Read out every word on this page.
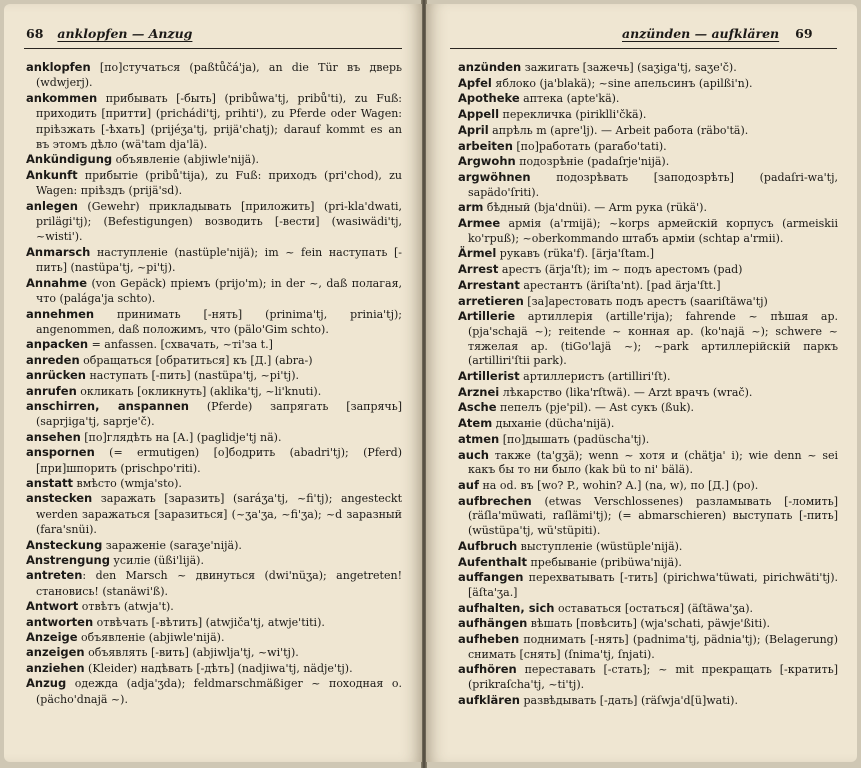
68 anklopfen — Anzug

anklopfen [по]стучаться (paßtůčá'ja), an die Tür въ дверь (wdwjerj).

ankommen прибывать [-быть] (pribůwa'tj, pribů'ti), zu Fuß: приходить [притти] (prichádi'tj, prihti'), zu Pferde oder Wagen: пріѣзжать [-ѣхать] (prijéʒa'tj, prijä'chatj); darauf kommt es an въ этомъ дѣло (wä'tam dja'lä).

Ankündigung объявленіе (abjiwle'nijä).

Ankunft прибытіе (pribů'tija), zu Fuß: приходъ (pri'chod), zu Wagen: пріѣздъ (prijä'sd).

anlegen (Gewehr) прикладывать [приложить] (pri-kla'dwati, prilägi'tj); (Befestigungen) возводить [-вести] (wasiwädi'tj, ~wisti').

Anmarsch наступленіе (nastüple'nijä); im ~ fein наступать [-пить] (nastüpa'tj, ~pi'tj).

Annahme (von Gepäck) пріемъ (prijo'm); in der ~, daß полагая, что (palága'ja schto).

annehmen принимать [-нять] (prinima'tj, prinia'tj); angenommen, daß положимъ, что (pälo'Gim schto).

anpacken = anfassen. [схвачать, ~ті'за t.]

anreden обращаться [обратиться] къ [Д.] (abra-)

anrücken наступать [-пить] (nastüpa'tj, ~pi'tj).

anrufen окликать [окликнуть] (aklika'tj, ~li'knuti).

anschirren, anspannen (Pferde) запрягать [запрячь] (saprjiga'tj, saprje'č).

ansehen [по]глядѣть на [А.] (paglidje'tj nä).

anspornen (= ermutigen) [о]бодрить (abadri'tj); (Pferd) [при]шпорить (prischpo'riti).

anstatt вмѣсто (wmja'sto).

anstecken заражать [заразить] (saráʒa'tj, ~fi'tj); angesteckt werden заражаться [заразиться] (~ʒa'ʒa, ~fi'ʒa); ~d заразный (fara'snüi).

Ansteckung зараженіе (saraʒe'nijä).

Anstrengung усиліе (üßi'lijä).

antreten: den Marsch ~ двинуться (dwi'nüʒa); angetreten! становись! (stanäwi'ß).

Antwort отвѣтъ (atwja't).

antworten отвѣчать [-вѣтить] (atwjiča'tj, atwje'titi).

Anzeige объявленіе (abjiwle'nijä).

anzeigen объявлять [-вить] (abjiwlja'tj, ~wi'tj).

anziehen (Kleider) надѣвать [-дѣть] (nadjiwa'tj, nädje'tj).

Anzug одежда (adja'ʒda); feldmarschmäßiger ~ походная о. (pächo'dnajä ~).

anzünden — aufklären 69

anzünden зажигать [зажечь] (saʒiga'tj, saʒe'č).

Apfel яблоко (ja'blakä); ~sine апельсинъ (apilßi'n).

Apotheke аптека (apte'kä).

Appell перекличка (piriklli'čkä).

April апрѣль m (apre'lj). — Arbeit работа (räbo'tä).

arbeiten [по]работать (paraбo'tati).

Argwohn подозрѣніе (padaſrje'nijä).

argwöhnen подозрѣвать [заподозрѣть] (padaſri-wa'tj, sapädo'ſriti).

arm бѣдный (bja'dnüi). — Arm рука (rükä').

Armee армія (a'rmijä); ~korps армейскій корпусъ (armeiskii ko'rpuß); ~oberkommando штабъ арміи (schtap a'rmii).

Ärmel рукавъ (rüka'f). [ärja'ſtam.]

Arrest арестъ (ärja'ſt); im ~ подъ арестомъ (pad)

Arrestant арестантъ (äriſta'nt). [pad ärja'ſtt.]

arretieren [за]арестовать подъ арестъ (saariſtäwa'tj)

Artillerie артиллерія (artille'rija); fahrende ~ пѣшая ар. (pja'schajä ~); reitende ~ конная ар. (ko'najä ~); schwere ~ тяжелая ар. (tiGo'lajä ~); ~park артиллерійскій паркъ (artilliri'ſtii park).

Artillerist артиллеристъ (artilliri'ſt).

Arznei лѣкарство (lika'rſtwä). — Arzt врачъ (wrač).

Asche пепелъ (pje'pil). — Ast сукъ (ßuk).

Atem дыханіе (dücha'nijä).

atmen [по]дышать (padüscha'tj).

auch также (ta'gʒä); wenn ~ хотя и (chätja' i); wie denn ~ sei какъ бы то ни было (kak bü to ni' bälä).

auf на od. въ [wo? P., wohin? A.] (na, w), по [Д.] (po).

aufbrechen (etwas Verschlossenes) разламывать [-ломить] (räſla'müwati, raſlämi'tj); (= abmarschieren) выступать [-пить] (wüstüpa'tj, wü'stüpiti).

Aufbruch выступленіе (wüstüple'nijä).

Aufenthalt пребываніе (pribüwa'nijä).

auffangen перехватывать [-тить] (pirichwa'tüwati, pirichwäti'tj). [äſta'ʒa.]

aufhalten, sich оставаться [остаться] (äſtäwa'ʒa).

aufhängen вѣшать [повѣсить] (wja'schati, päwje'ßiti).

aufheben поднимать [-нять] (padnima'tj, pädnia'tj); (Belagerung) снимать [снять] (ſnima'tj, ſnjati).

aufhören переставать [-стать]; ~ mit прекращать [-кратить] (prikraſcha'tj, ~ti'tj).

aufklären развѣдывать [-дать] (räſwja'd[ü]wati).
